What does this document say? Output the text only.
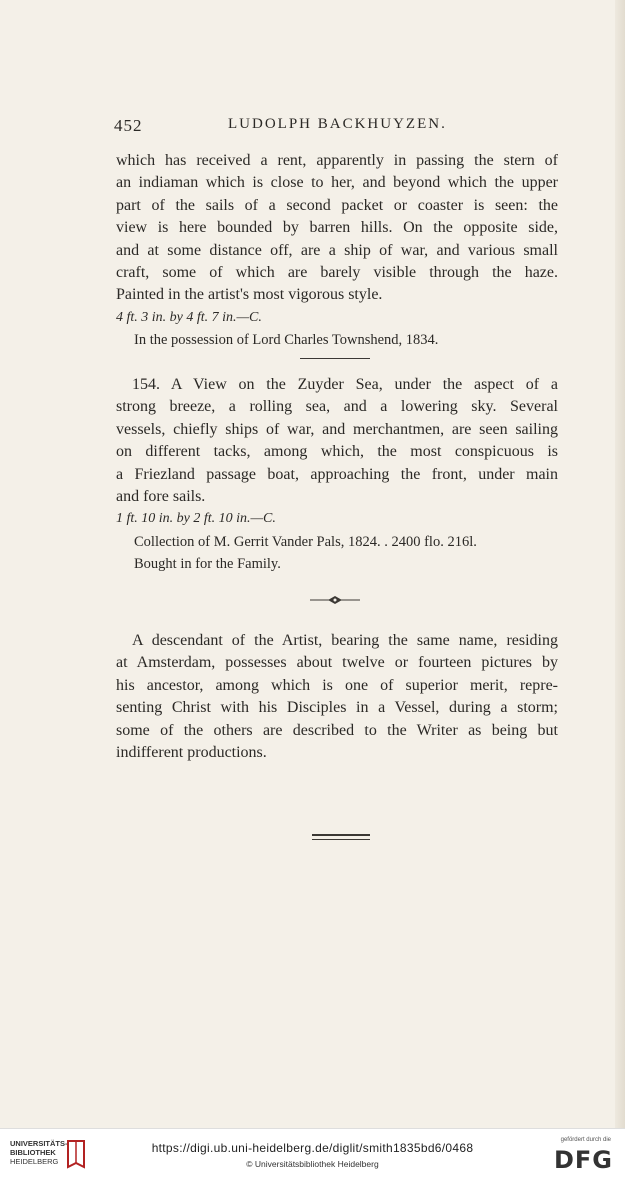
452	LUDOLPH BACKHUYZEN.
which has received a rent, apparently in passing the stern of
an indiaman which is close to her, and beyond which the upper
part of the sails of a second packet or coaster is seen: the
view is here bounded by barren hills. On the opposite side,
and at some distance off, are a ship of war, and various small
craft, some of which are barely visible through the haze.
Painted in the artist's most vigorous style.
4 ft. 3 in. by 4 ft. 7 in.—C.
In the possession of Lord Charles Townshend, 1834.
154. A View on the Zuyder Sea, under the aspect of a
strong breeze, a rolling sea, and a lowering sky. Several
vessels, chiefly ships of war, and merchantmen, are seen sailing
on different tacks, among which, the most conspicuous is
a Friezland passage boat, approaching the front, under main
and fore sails.
1 ft. 10 in. by 2 ft. 10 in.—C.
Collection of M. Gerrit Vander Pals, 1824. . 2400 flo. 216l.
Bought in for the Family.
A descendant of the Artist, bearing the same name, residing
at Amsterdam, possesses about twelve or fourteen pictures by
his ancestor, among which is one of superior merit, repre-
senting Christ with his Disciples in a Vessel, during a storm;
some of the others are described to the Writer as being but
indifferent productions.
UNIVERSITÄTS-
BIBLIOTHEK
HEIDELBERG
https://digi.ub.uni-heidelberg.de/diglit/smith1835bd6/0468
© Universitätsbibliothek Heidelberg
gefördert durch die
DFG
